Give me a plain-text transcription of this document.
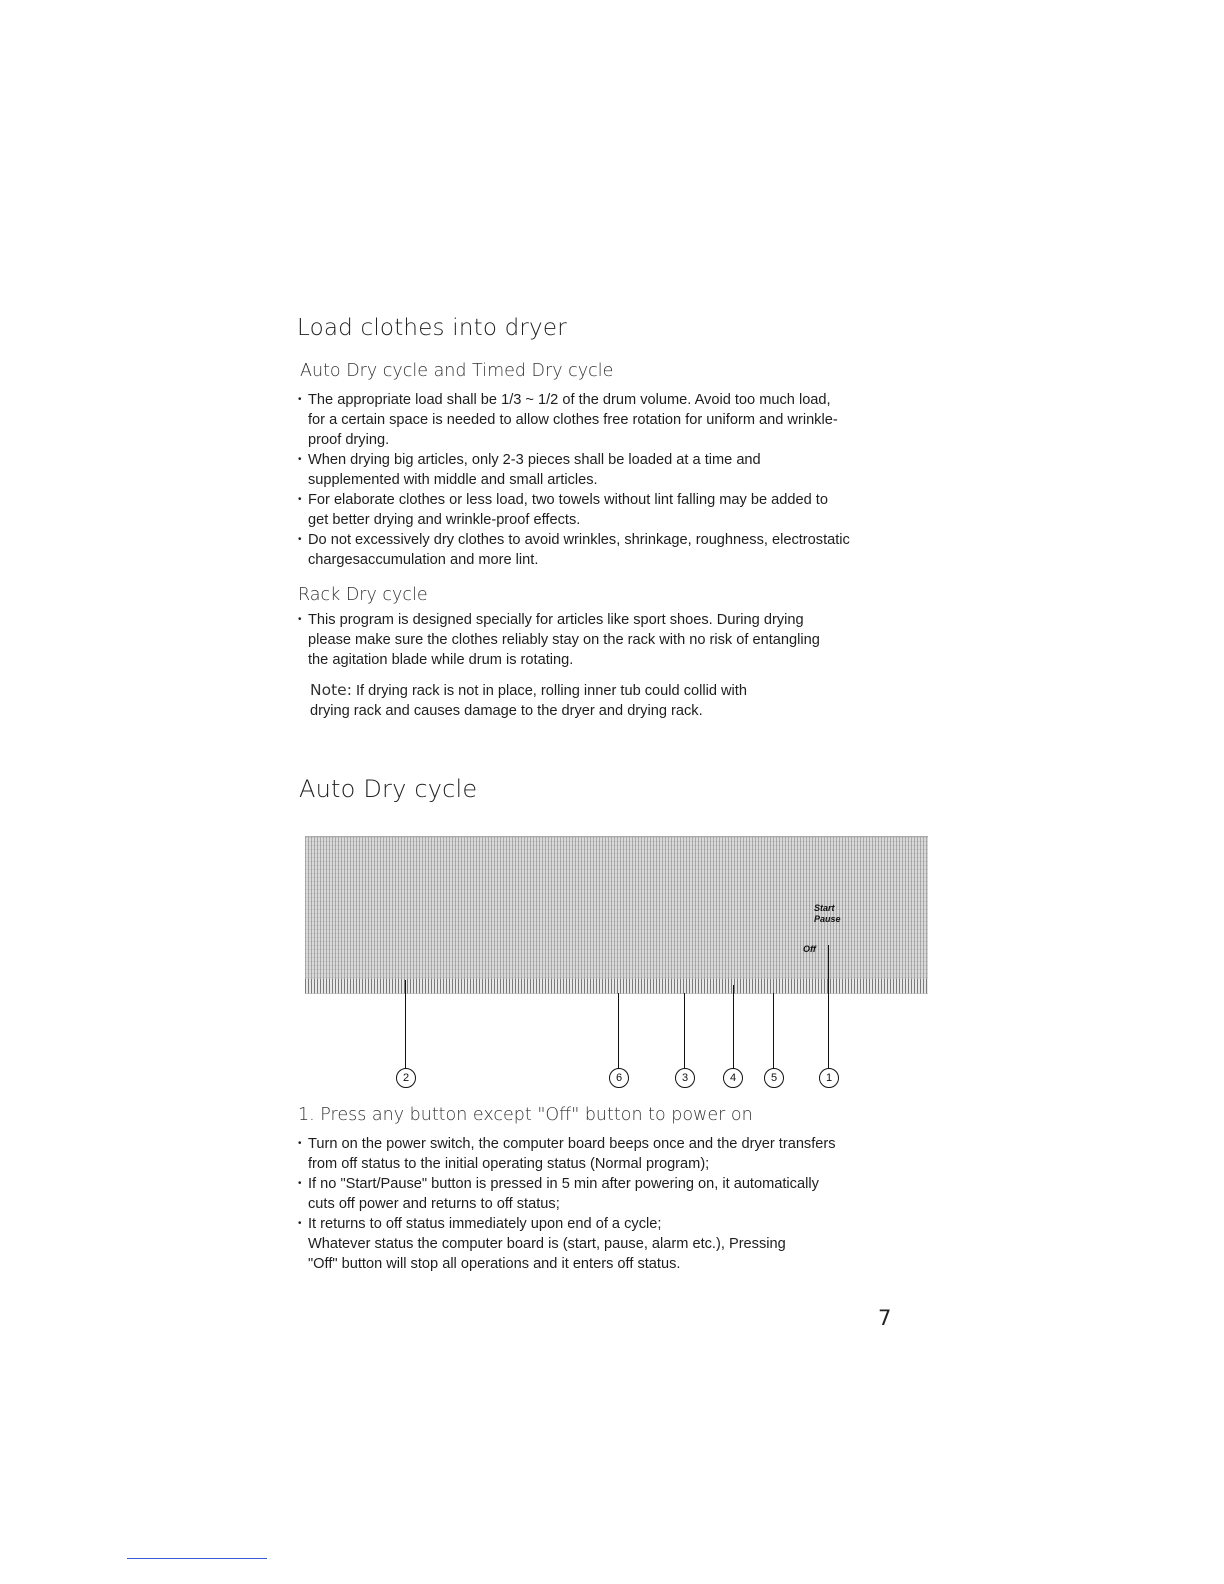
Load clothes into dryer
Auto Dry cycle and Timed Dry cycle
• The appropriate load shall be 1/3 ~ 1/2 of the drum volume. Avoid too much load,
for a certain space is needed to allow clothes free rotation for uniform and wrinkle-
proof drying.
• When drying big articles, only 2-3 pieces shall be loaded at a time and
supplemented with middle and small articles.
• For elaborate clothes or less load, two towels without lint falling may be added to
get better drying and wrinkle-proof effects.
• Do not excessively dry clothes to avoid wrinkles, shrinkage, roughness, electrostatic
chargesaccumulation and more lint.
Rack Dry cycle
• This program is designed specially for articles like sport shoes. During drying
please make sure the clothes reliably stay on the rack with no risk of entangling
the agitation blade while drum is rotating.
Note: If drying rack is not in place, rolling inner tub could collid with
drying rack and causes damage to the dryer and drying rack.
Auto Dry cycle
Start
Pause
Off
2	6	3	4	5	1
1. Press any button except "Off" button to power on
• Turn on the power switch, the computer board beeps once and the dryer transfers
from off status to the initial operating status (Normal program);
• If no "Start/Pause" button is pressed in 5 min after powering on, it automatically
cuts off power and returns to off status;
• It returns to off status immediately upon end of a cycle;
Whatever status the computer board is (start, pause, alarm etc.), Pressing
"Off" button will stop all operations and it enters off status.
7
